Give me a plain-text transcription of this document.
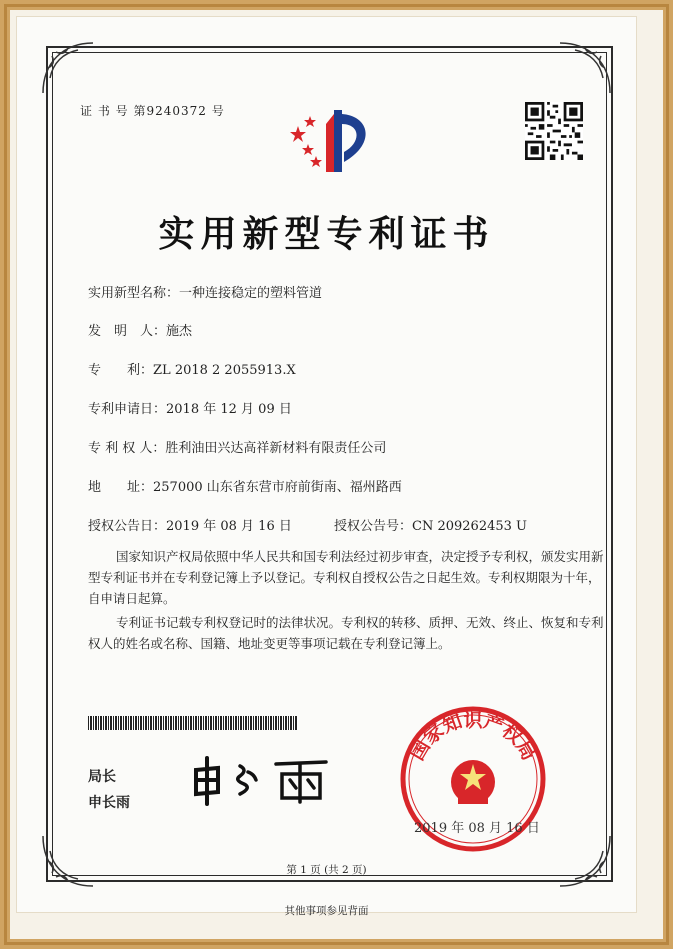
证 书 号 第9240372 号
实用新型专利证书
实用新型名称：一种连接稳定的塑料管道
发　明　人：施杰
专　　利：ZL 2018 2 2055913.X
专利申请日：2018 年 12 月 09 日
专 利 权 人：胜利油田兴达高祥新材料有限责任公司
地　　址：257000 山东省东营市府前街南、福州路西
授权公告日：2019 年 08 月 16 日	授权公告号：CN 209262453 U
国家知识产权局依照中华人民共和国专利法经过初步审查，决定授予专利权，颁发实用新型专利证书并在专利登记簿上予以登记。专利权自授权公告之日起生效。专利权期限为十年，自申请日起算。
专利证书记载专利权登记时的法律状况。专利权的转移、质押、无效、终止、恢复和专利权人的姓名或名称、国籍、地址变更等事项记载在专利登记簿上。
局长
申长雨
国家知识产权局
2019 年 08 月 16 日
第 1 页 (共 2 页)
其他事项参见背面
